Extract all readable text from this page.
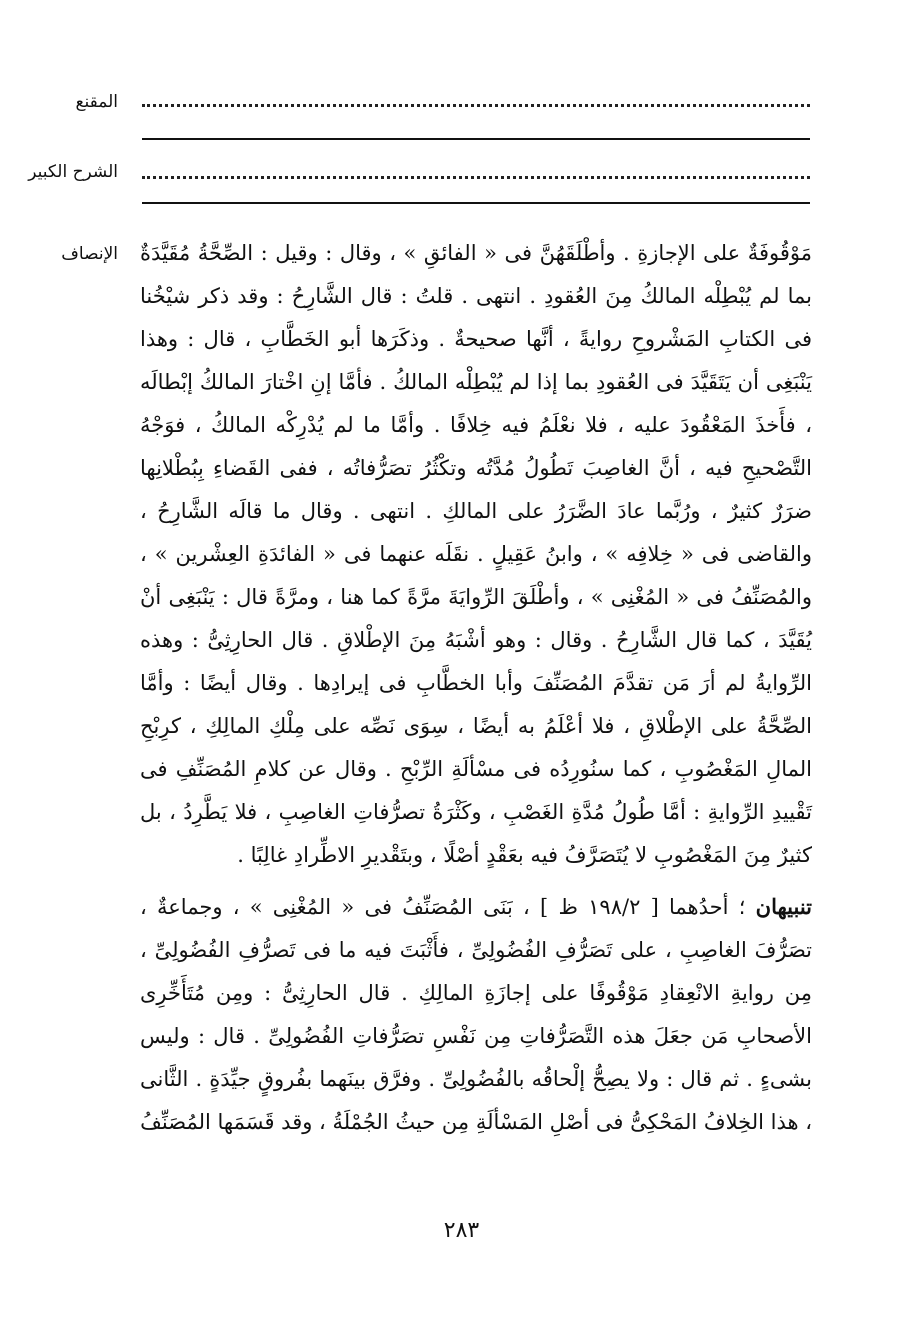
المقنع
الشرح الكبير
الإنصاف مَوْقُوفَةٌ على الإجازةِ . وأطْلَقَهُنَّ فى « الفائقِ » ، وقال : وقيل : الصِّحَّةُ مُقَيَّدَةٌ بما لم يُبْطِلْه المالكُ مِنَ العُقودِ . انتهى . قلتُ : قال الشَّارِحُ : وقد ذكر شيْخُنا فى الكتابِ المَشْروحِ روايةً ، أنَّها صحيحةٌ . وذكَرَها أبو الخَطَّابِ ، قال : وهذا يَنْبَغِى أن يَتَقَيَّدَ فى العُقودِ بما إذا لم يُبْطِلْه المالكُ . فأمَّا إنِ اخْتارَ المالكُ إبْطالَه ، فأَخذَ المَعْقُودَ عليه ، فلا نعْلَمُ فيه خِلافًا . وأمَّا ما لم يُدْرِكْه المالكُ ، فوَجْهُ التَّصْحيحِ فيه ، أنَّ الغاصِبَ تَطُولُ مُدَّتُه وتكْثُرُ تصَرُّفاتُه ، ففى القَضاءِ بِبُطْلانِها ضرَرٌ كثيرٌ ، ورُبَّما عادَ الضَّرَرُ على المالكِ . انتهى . وقال ما قالَه الشَّارِحُ ، والقاضى فى « خِلافِه » ، وابنُ عَقِيلٍ . نقَلَه عنهما فى « الفائدَةِ العِشْرين » ، والمُصَنِّفُ فى « المُغْنِى » ، وأطْلَقَ الرِّوايَةَ مرَّةً كما هنا ، ومرَّةً قال : يَنْبَغِى أنْ يُقَيَّدَ ، كما قال الشَّارِحُ . وقال : وهو أشْبَهُ مِنَ الإطْلاقِ . قال الحارِثِىُّ : وهذه الرِّوايةُ لم أرَ مَن تقدَّمَ المُصَنِّفَ وأبا الخطَّابِ فى إيرادِها . وقال أيضًا : وأمَّا الصِّحَّةُ على الإطْلاقِ ، فلا أعْلَمُ به أيضًا ، سِوَى نَصِّه على مِلْكِ المالِكِ ، كرِبْحِ المالِ المَغْصُوبِ ، كما سنُورِدُه فى مسْألَةِ الرِّبْحِ . وقال عن كلامِ المُصَنِّفِ فى تَقْييدِ الرِّوايةِ : أمَّا طُولُ مُدَّةِ الغَصْبِ ، وكَثْرَةُ تصرُّفاتِ الغاصِبِ ، فلا يَطَّرِدُ ، بل كثيرٌ مِنَ المَغْصُوبِ لا يُتَصَرَّفُ فيه بعَقْدٍ أصْلًا ، وبتَقْديرِ الاطِّرادِ غالِبًا .

تنبيهان ؛ أحدُهما [ ١٩٨/٢ ظ ] ، بَنَى المُصَنِّفُ فى « المُغْنِى » ، وجماعةٌ ، تصَرُّفَ الغاصِبِ ، على تَصَرُّفِ الفُضُولِىِّ ، فأَثْبَتَ فيه ما فى تَصرُّفِ الفُضُولِىِّ ، مِن روايةِ الانْعِقادِ مَوْقُوفًا على إجازَةِ المالِكِ . قال الحارِثِىُّ : ومِن مُتَأَخِّرِى الأصحابِ مَن جعَلَ هذه التَّصَرُّفاتِ مِن نَفْسِ تصَرُّفاتِ الفُضُولِىِّ . قال : وليس بشىءٍ . ثم قال : ولا يصِحُّ إلْحاقُه بالفُضُولِىِّ . وفرَّق بينَهما بفُروقٍ جيِّدَةٍ . الثَّانى ، هذا الخِلافُ المَحْكِىُّ فى أصْلِ المَسْألَةِ مِن حيثُ الجُمْلَةُ ، وقد قَسَمَها المُصَنِّفُ

٢٨٣
